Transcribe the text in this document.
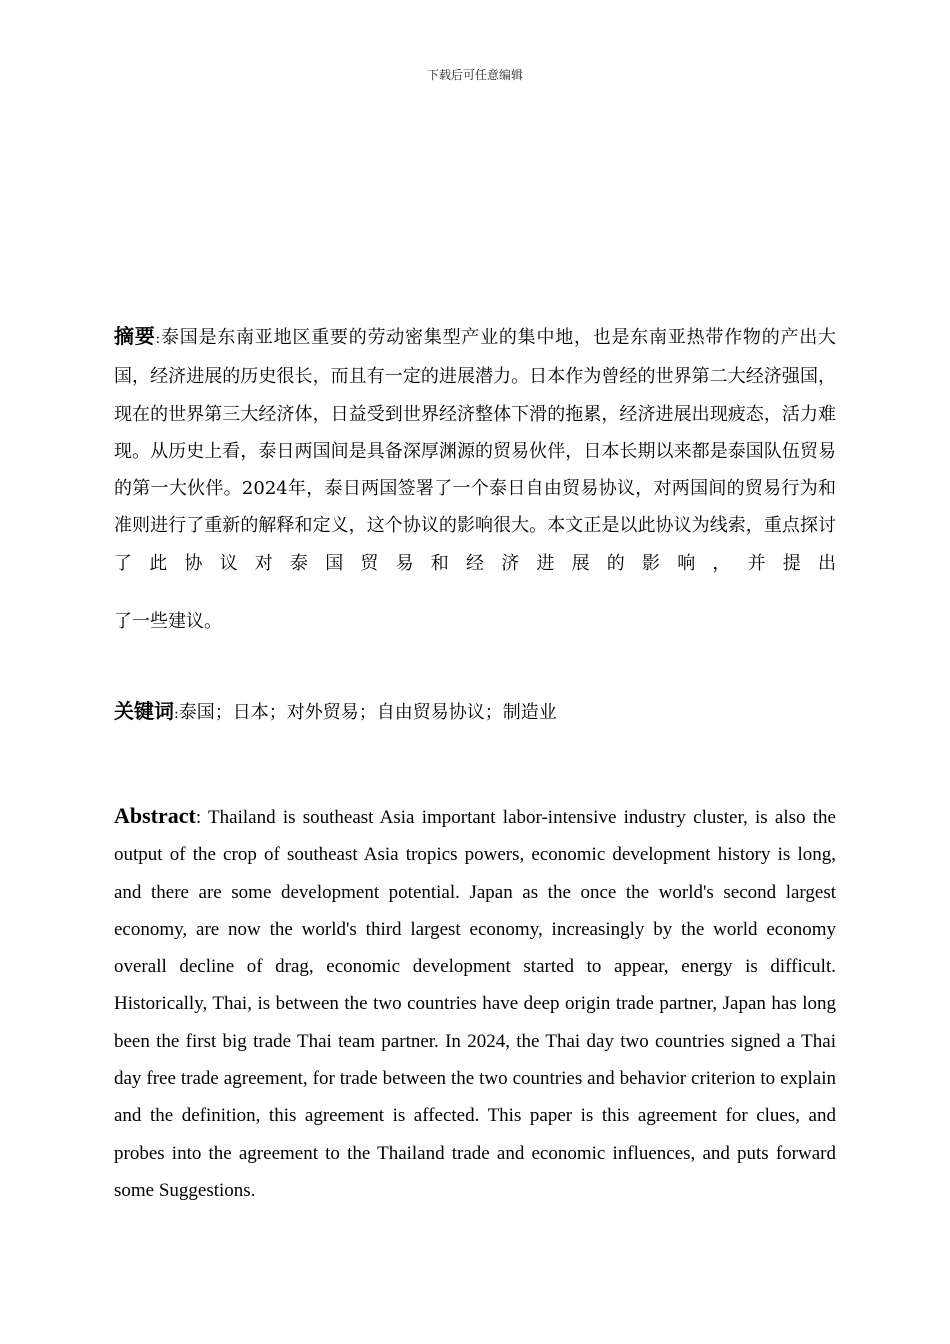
下载后可任意编辑

摘要:泰国是东南亚地区重要的劳动密集型产业的集中地，也是东南亚热带作物的产出大国，经济进展的历史很长，而且有一定的进展潜力。日本作为曾经的世界第二大经济强国，现在的世界第三大经济体，日益受到世界经济整体下滑的拖累，经济进展出现疲态，活力难现。从历史上看，泰日两国间是具备深厚渊源的贸易伙伴，日本长期以来都是泰国队伍贸易的第一大伙伴。2024年，泰日两国签署了一个泰日自由贸易协议，对两国间的贸易行为和准则进行了重新的解释和定义，这个协议的影响很大。本文正是以此协议为线索，重点探讨了此协议对泰国贸易和经济进展的影响，并提出

了一些建议。

关键词:泰国；日本；对外贸易；自由贸易协议；制造业

Abstract: Thailand is southeast Asia important labor-intensive industry cluster, is also the output of the crop of southeast Asia tropics powers, economic development history is long, and there are some development potential. Japan as the once the world's second largest economy, are now the world's third largest economy, increasingly by the world economy overall decline of drag, economic development started to appear, energy is difficult. Historically, Thai, is between the two countries have deep origin trade partner, Japan has long been the first big trade Thai team partner. In 2024, the Thai day two countries signed a Thai day free trade agreement, for trade between the two countries and behavior criterion to explain and the definition, this agreement is affected. This paper is this agreement for clues, and probes into the agreement to the Thailand trade and economic influences, and puts forward some Suggestions.
